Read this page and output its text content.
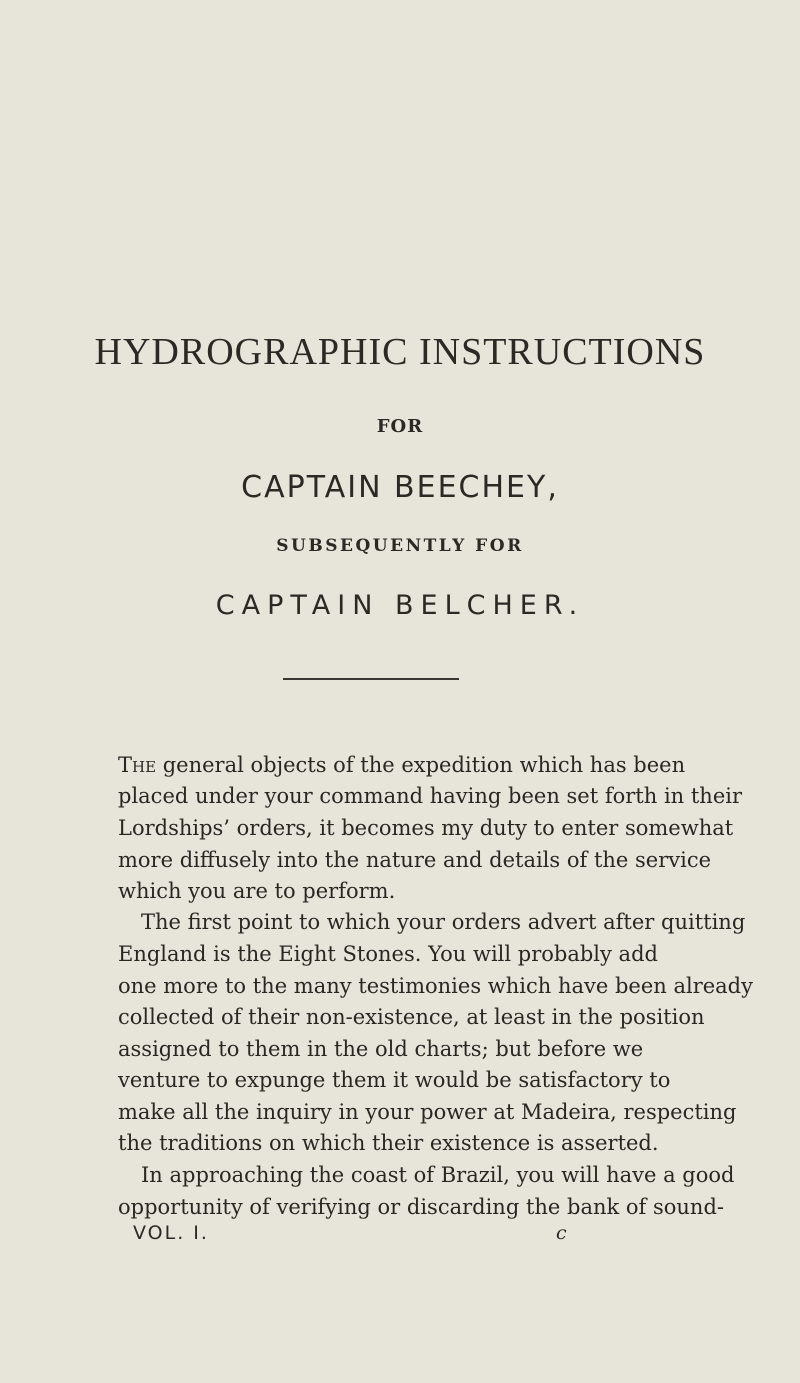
HYDROGRAPHIC INSTRUCTIONS
FOR
CAPTAIN BEECHEY,
SUBSEQUENTLY FOR
CAPTAIN BELCHER.
The general objects of the expedition which has been
placed under your command having been set forth in their
Lordships’ orders, it becomes my duty to enter somewhat
more diffusely into the nature and details of the service
which you are to perform.
The first point to which your orders advert after quitting
England is the Eight Stones. You will probably add
one more to the many testimonies which have been already
collected of their non-existence, at least in the position
assigned to them in the old charts; but before we
venture to expunge them it would be satisfactory to
make all the inquiry in your power at Madeira, respecting
the traditions on which their existence is asserted.
In approaching the coast of Brazil, you will have a good
opportunity of verifying or discarding the bank of sound-
VOL. I.	c
